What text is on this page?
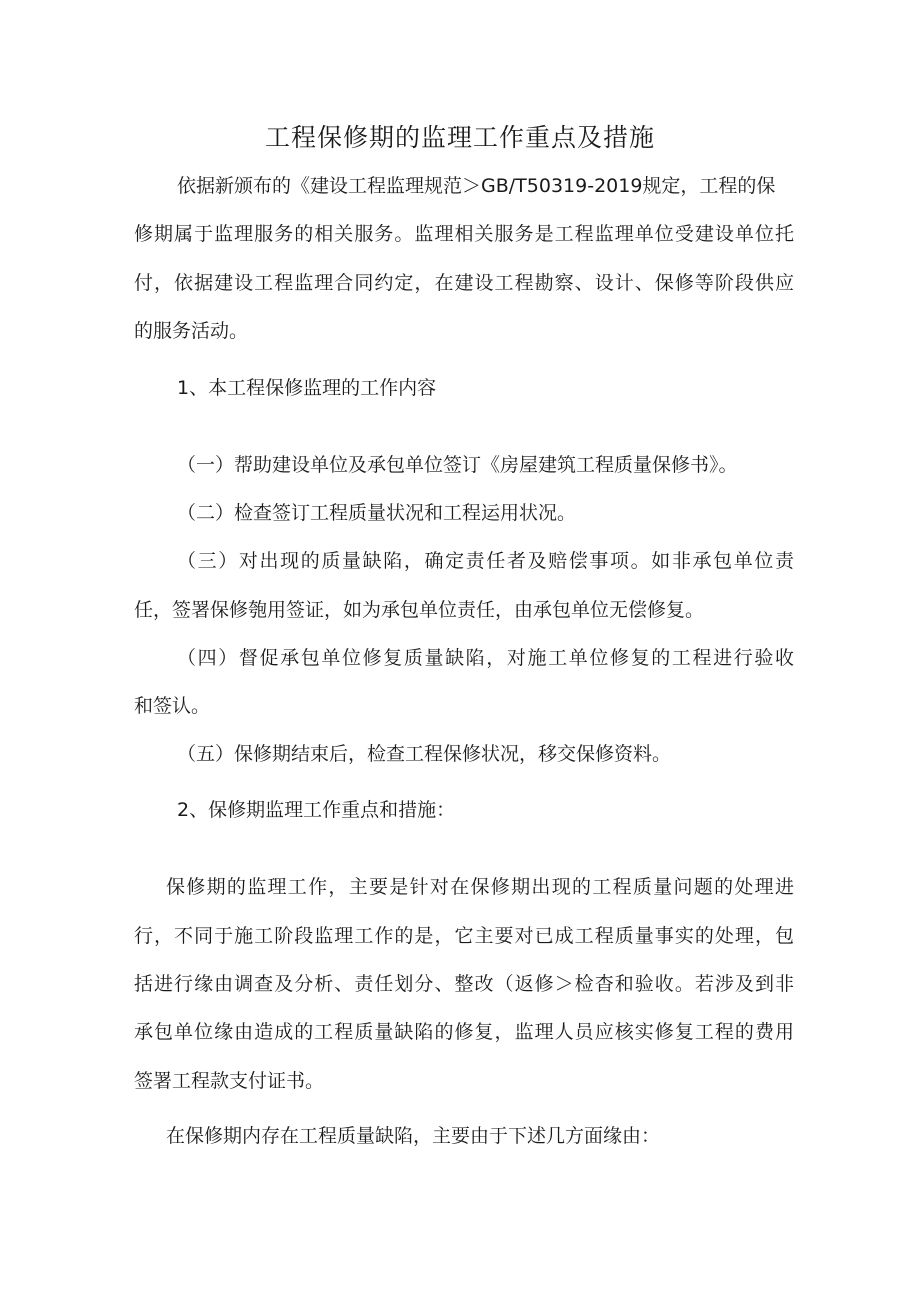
工程保修期的监理工作重点及措施
依据新颁布的《建设工程监理规范＞GB/T50319-2019规定，工程的保
修期属于监理服务的相关服务。监理相关服务是工程监理单位受建设单位托
付，依据建设工程监理合同约定，在建设工程勘察、设计、保修等阶段供应
的服务活动。
1、本工程保修监理的工作内容
（一）帮助建设单位及承包单位签订《房屋建筑工程质量保修书》。
（二）检查签订工程质量状况和工程运用状况。
（三）对出现的质量缺陷，确定责任者及赔偿事项。如非承包单位责
任，签署保修匏用签证，如为承包单位责任，由承包单位无偿修复。
（四）督促承包单位修复质量缺陷，对施工单位修复的工程进行验收
和签认。
（五）保修期结束后，检查工程保修状况，移交保修资料。
2、保修期监理工作重点和措施：
保修期的监理工作，主要是针对在保修期出现的工程质量问题的处理进
行，不同于施工阶段监理工作的是，它主要对已成工程质量事实的处理，包
括进行缘由调查及分析、责任划分、整改（返修＞检杳和验收。若涉及到非
承包单位缘由造成的工程质量缺陷的修复，监理人员应核实修复工程的费用
签署工程款支付证书。
在保修期内存在工程质量缺陷，主要由于下述几方面缘由：
